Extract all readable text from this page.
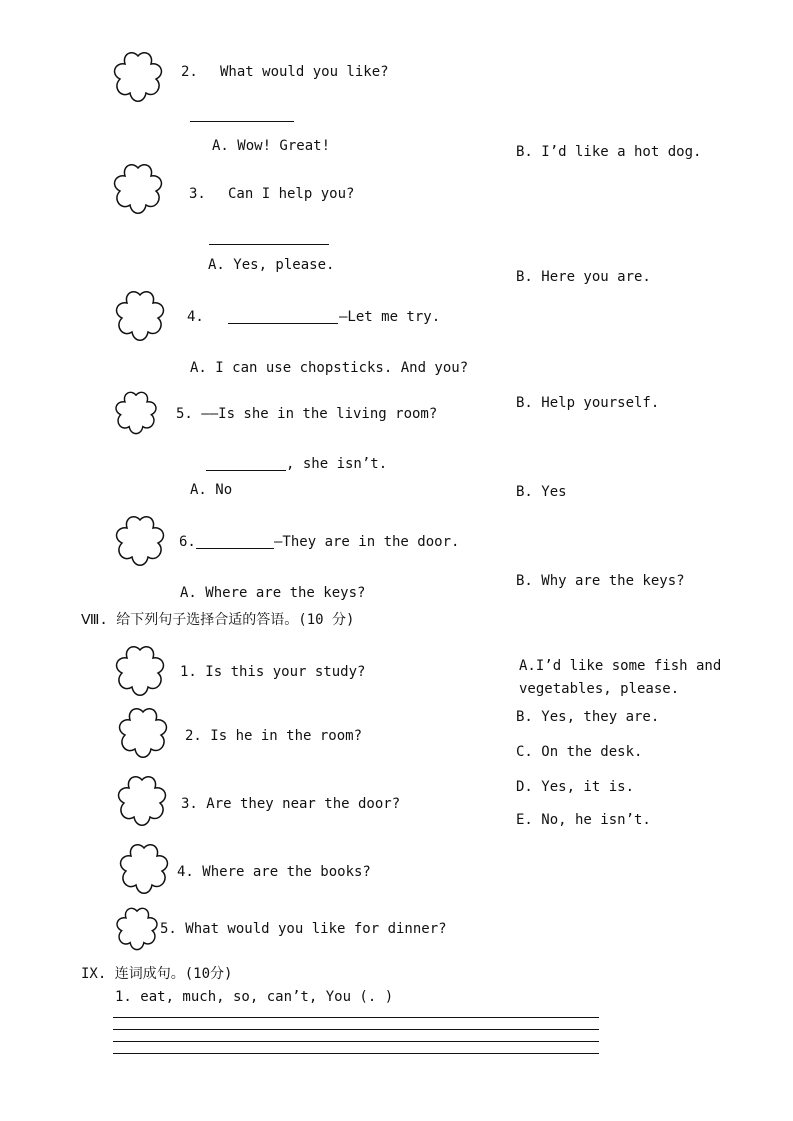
2. What would you like?
A. Wow! Great!	B. I’d like a hot dog.
3. Can I help you?
A. Yes, please.
B. Here you are.
4.	—Let me try.
A. I can use chopsticks. And you?
B. Help yourself.
5. ——Is she in the living room?
, she isn’t.
A. No	B. Yes
6.	—They are in the door.
A. Where are the keys?
B. Why are the keys?
Ⅷ. 给下列句子选择合适的答语。(10 分)
1. Is this your study?
2. Is he in the room?
3. Are they near the door?
4. Where are the books?
5. What would you like for dinner?
A.I’d like some fish and
vegetables, please.
B. Yes, they are.
C. On the desk.
D. Yes, it is.
E. No, he isn’t.
IX. 连词成句。(10分)
1. eat, much, so, can’t, You (. )
